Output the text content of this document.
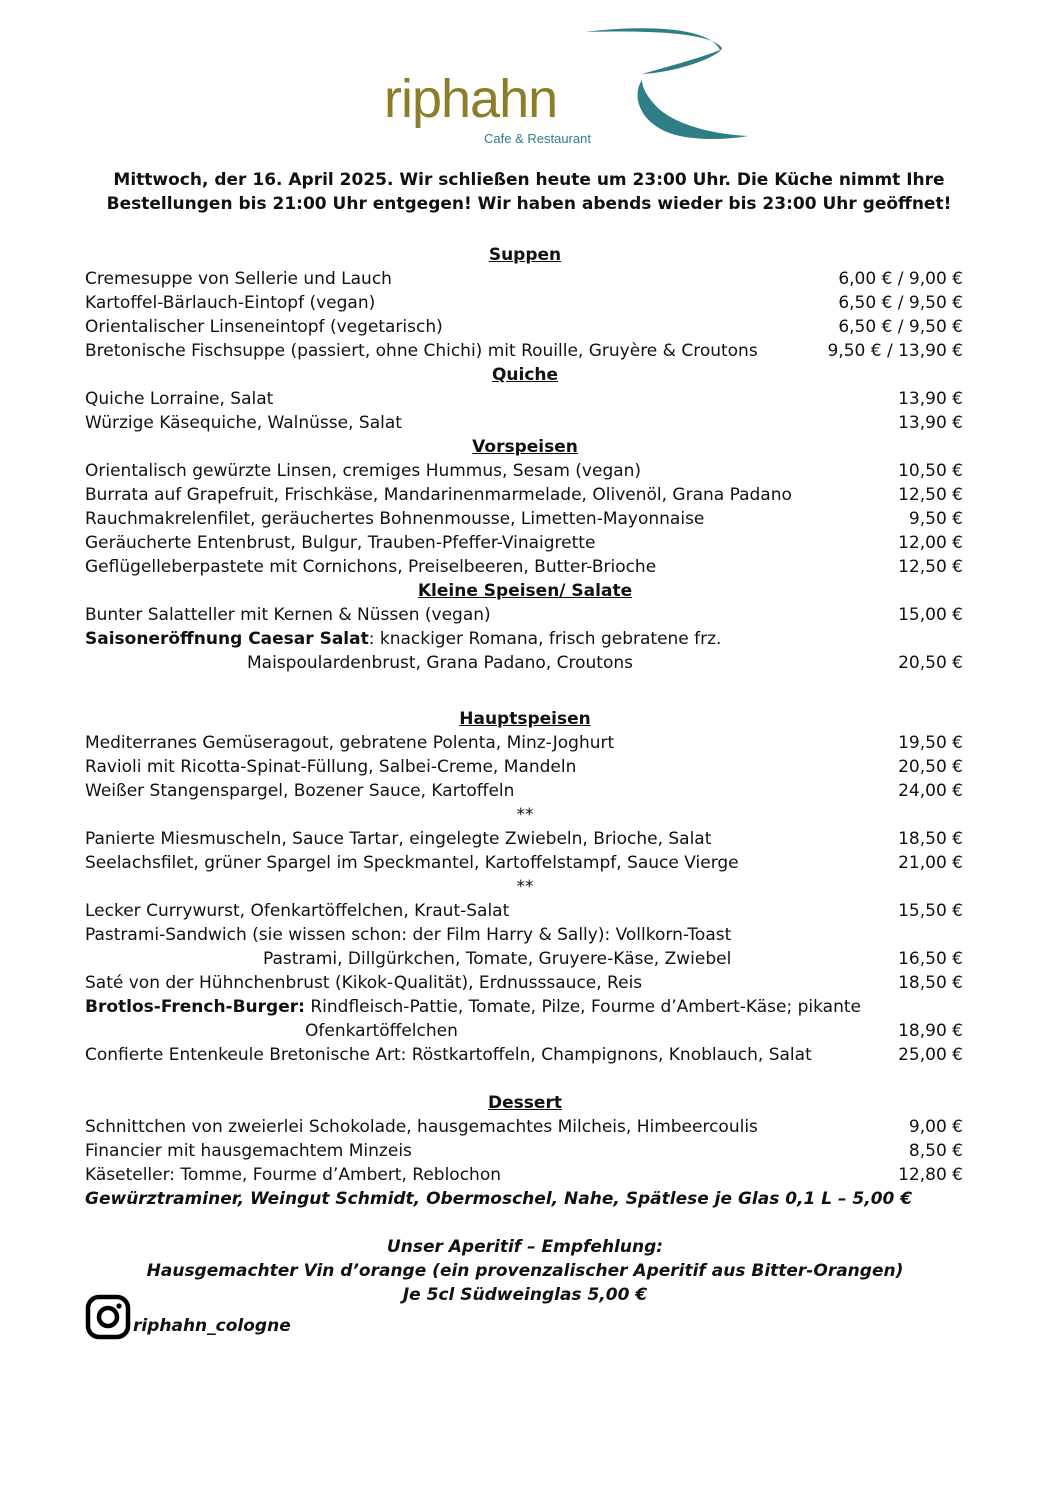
riphahn
Cafe & Restaurant
Mittwoch, der 16. April 2025. Wir schließen heute um 23:00 Uhr. Die Küche nimmt Ihre
Bestellungen bis 21:00 Uhr entgegen! Wir haben abends wieder bis 23:00 Uhr geöffnet!
Suppen
Cremesuppe von Sellerie und Lauch	6,00 € / 9,00 €
Kartoffel-Bärlauch-Eintopf (vegan)	6,50 € / 9,50 €
Orientalischer Linseneintopf (vegetarisch)	6,50 € / 9,50 €
Bretonische Fischsuppe (passiert, ohne Chichi) mit Rouille, Gruyère & Croutons	9,50 € / 13,90 €
Quiche
Quiche Lorraine, Salat	13,90 €
Würzige Käsequiche, Walnüsse, Salat	13,90 €
Vorspeisen
Orientalisch gewürzte Linsen, cremiges Hummus, Sesam (vegan)	10,50 €
Burrata auf Grapefruit, Frischkäse, Mandarinenmarmelade, Olivenöl, Grana Padano	12,50 €
Rauchmakrelenfilet, geräuchertes Bohnenmousse, Limetten-Mayonnaise	9,50 €
Geräucherte Entenbrust, Bulgur, Trauben-Pfeffer-Vinaigrette	12,00 €
Geflügelleberpastete mit Cornichons, Preiselbeeren, Butter-Brioche	12,50 €
Kleine Speisen/ Salate
Bunter Salatteller mit Kernen & Nüssen (vegan)	15,00 €
Saisoneröffnung Caesar Salat: knackiger Romana, frisch gebratene frz.
Maispoulardenbrust, Grana Padano, Croutons	20,50 €
Hauptspeisen
Mediterranes Gemüseragout, gebratene Polenta, Minz-Joghurt	19,50 €
Ravioli mit Ricotta-Spinat-Füllung, Salbei-Creme, Mandeln	20,50 €
Weißer Stangenspargel, Bozener Sauce, Kartoffeln	24,00 €
**
Panierte Miesmuscheln, Sauce Tartar, eingelegte Zwiebeln, Brioche, Salat	18,50 €
Seelachsfilet, grüner Spargel im Speckmantel, Kartoffelstampf, Sauce Vierge	21,00 €
**
Lecker Currywurst, Ofenkartöffelchen, Kraut-Salat	15,50 €
Pastrami-Sandwich (sie wissen schon: der Film Harry & Sally): Vollkorn-Toast
Pastrami, Dillgürkchen, Tomate, Gruyere-Käse, Zwiebel	16,50 €
Saté von der Hühnchenbrust (Kikok-Qualität), Erdnusssauce, Reis	18,50 €
Brotlos-French-Burger: Rindfleisch-Pattie, Tomate, Pilze, Fourme d’Ambert-Käse; pikante
Ofenkartöffelchen	18,90 €
Confierte Entenkeule Bretonische Art: Röstkartoffeln, Champignons, Knoblauch, Salat	25,00 €
Dessert
Schnittchen von zweierlei Schokolade, hausgemachtes Milcheis, Himbeercoulis	9,00 €
Financier mit hausgemachtem Minzeis	8,50 €
Käseteller: Tomme, Fourme d’Ambert, Reblochon	12,80 €
Gewürztraminer, Weingut Schmidt, Obermoschel, Nahe, Spätlese je Glas 0,1 L – 5,00 €
Unser Aperitif – Empfehlung:
Hausgemachter Vin d’orange (ein provenzalischer Aperitif aus Bitter-Orangen)
Je 5cl Südweinglas 5,00 €
riphahn_cologne
